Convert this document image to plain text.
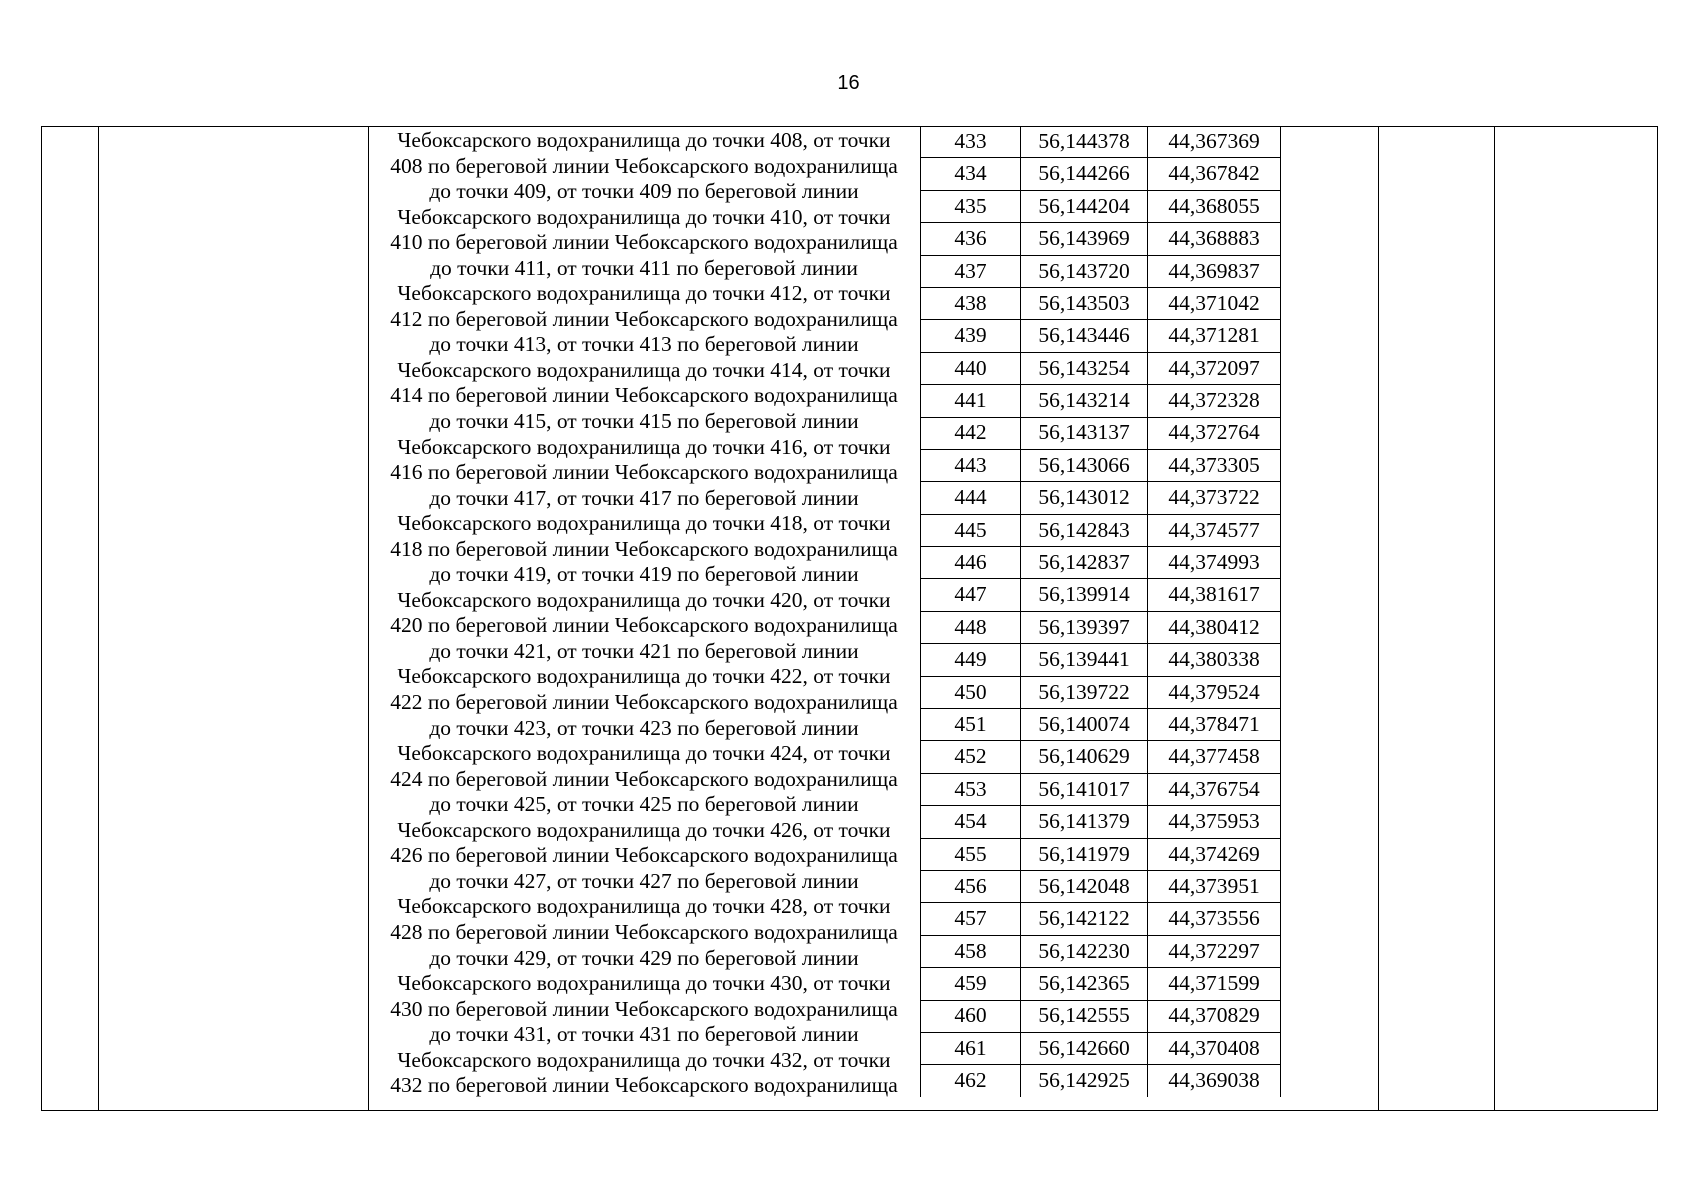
16

Чебоксарского водохранилища до точки 408, от точки
408 по береговой линии Чебоксарского водохранилища
до точки 409, от точки 409 по береговой линии
Чебоксарского водохранилища до точки 410, от точки
410 по береговой линии Чебоксарского водохранилища
до точки 411, от точки 411 по береговой линии
Чебоксарского водохранилища до точки 412, от точки
412 по береговой линии Чебоксарского водохранилища
до точки 413, от точки 413 по береговой линии
Чебоксарского водохранилища до точки 414, от точки
414 по береговой линии Чебоксарского водохранилища
до точки 415, от точки 415 по береговой линии
Чебоксарского водохранилища до точки 416, от точки
416 по береговой линии Чебоксарского водохранилища
до точки 417, от точки 417 по береговой линии
Чебоксарского водохранилища до точки 418, от точки
418 по береговой линии Чебоксарского водохранилища
до точки 419, от точки 419 по береговой линии
Чебоксарского водохранилища до точки 420, от точки
420 по береговой линии Чебоксарского водохранилища
до точки 421, от точки 421 по береговой линии
Чебоксарского водохранилища до точки 422, от точки
422 по береговой линии Чебоксарского водохранилища
до точки 423, от точки 423 по береговой линии
Чебоксарского водохранилища до точки 424, от точки
424 по береговой линии Чебоксарского водохранилища
до точки 425, от точки 425 по береговой линии
Чебоксарского водохранилища до точки 426, от точки
426 по береговой линии Чебоксарского водохранилища
до точки 427, от точки 427 по береговой линии
Чебоксарского водохранилища до точки 428, от точки
428 по береговой линии Чебоксарского водохранилища
до точки 429, от точки 429 по береговой линии
Чебоксарского водохранилища до точки 430, от точки
430 по береговой линии Чебоксарского водохранилища
до точки 431, от точки 431 по береговой линии
Чебоксарского водохранилища до точки 432, от точки
432 по береговой линии Чебоксарского водохранилища

433	56,144378	44,367369
434	56,144266	44,367842
435	56,144204	44,368055
436	56,143969	44,368883
437	56,143720	44,369837
438	56,143503	44,371042
439	56,143446	44,371281
440	56,143254	44,372097
441	56,143214	44,372328
442	56,143137	44,372764
443	56,143066	44,373305
444	56,143012	44,373722
445	56,142843	44,374577
446	56,142837	44,374993
447	56,139914	44,381617
448	56,139397	44,380412
449	56,139441	44,380338
450	56,139722	44,379524
451	56,140074	44,378471
452	56,140629	44,377458
453	56,141017	44,376754
454	56,141379	44,375953
455	56,141979	44,374269
456	56,142048	44,373951
457	56,142122	44,373556
458	56,142230	44,372297
459	56,142365	44,371599
460	56,142555	44,370829
461	56,142660	44,370408
462	56,142925	44,369038
